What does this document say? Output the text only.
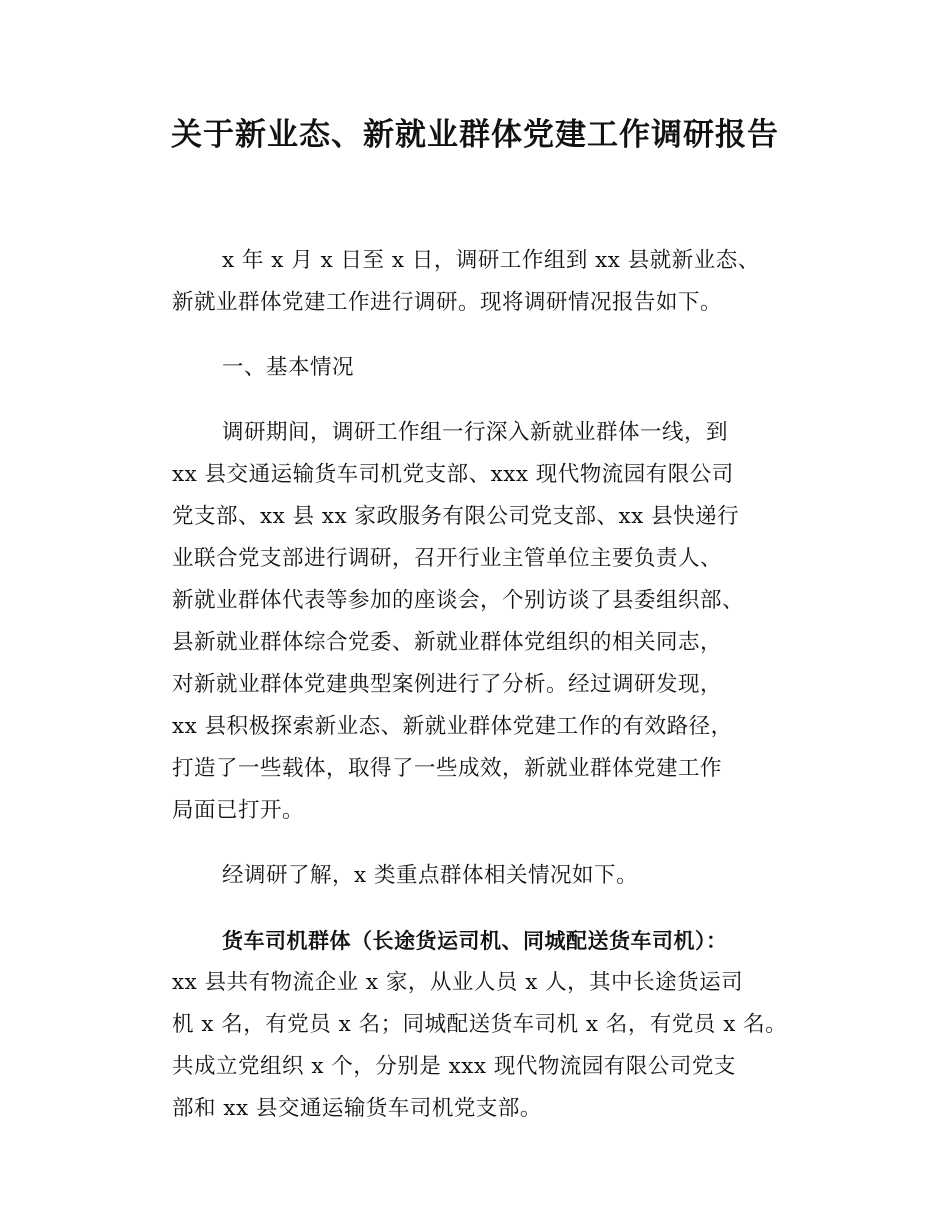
关于新业态、新就业群体党建工作调研报告
x 年 x 月 x 日至 x 日，调研工作组到 xx 县就新业态、
新就业群体党建工作进行调研。现将调研情况报告如下。
一、基本情况
调研期间，调研工作组一行深入新就业群体一线，到
xx 县交通运输货车司机党支部、xxx 现代物流园有限公司
党支部、xx 县 xx 家政服务有限公司党支部、xx 县快递行
业联合党支部进行调研，召开行业主管单位主要负责人、
新就业群体代表等参加的座谈会，个别访谈了县委组织部、
县新就业群体综合党委、新就业群体党组织的相关同志，
对新就业群体党建典型案例进行了分析。经过调研发现，
xx 县积极探索新业态、新就业群体党建工作的有效路径，
打造了一些载体，取得了一些成效，新就业群体党建工作
局面已打开。
经调研了解，x 类重点群体相关情况如下。
货车司机群体（长途货运司机、同城配送货车司机）：
xx 县共有物流企业 x 家，从业人员 x 人，其中长途货运司
机 x 名，有党员 x 名；同城配送货车司机 x 名，有党员 x 名。
共成立党组织 x 个，分别是 xxx 现代物流园有限公司党支
部和 xx 县交通运输货车司机党支部。
